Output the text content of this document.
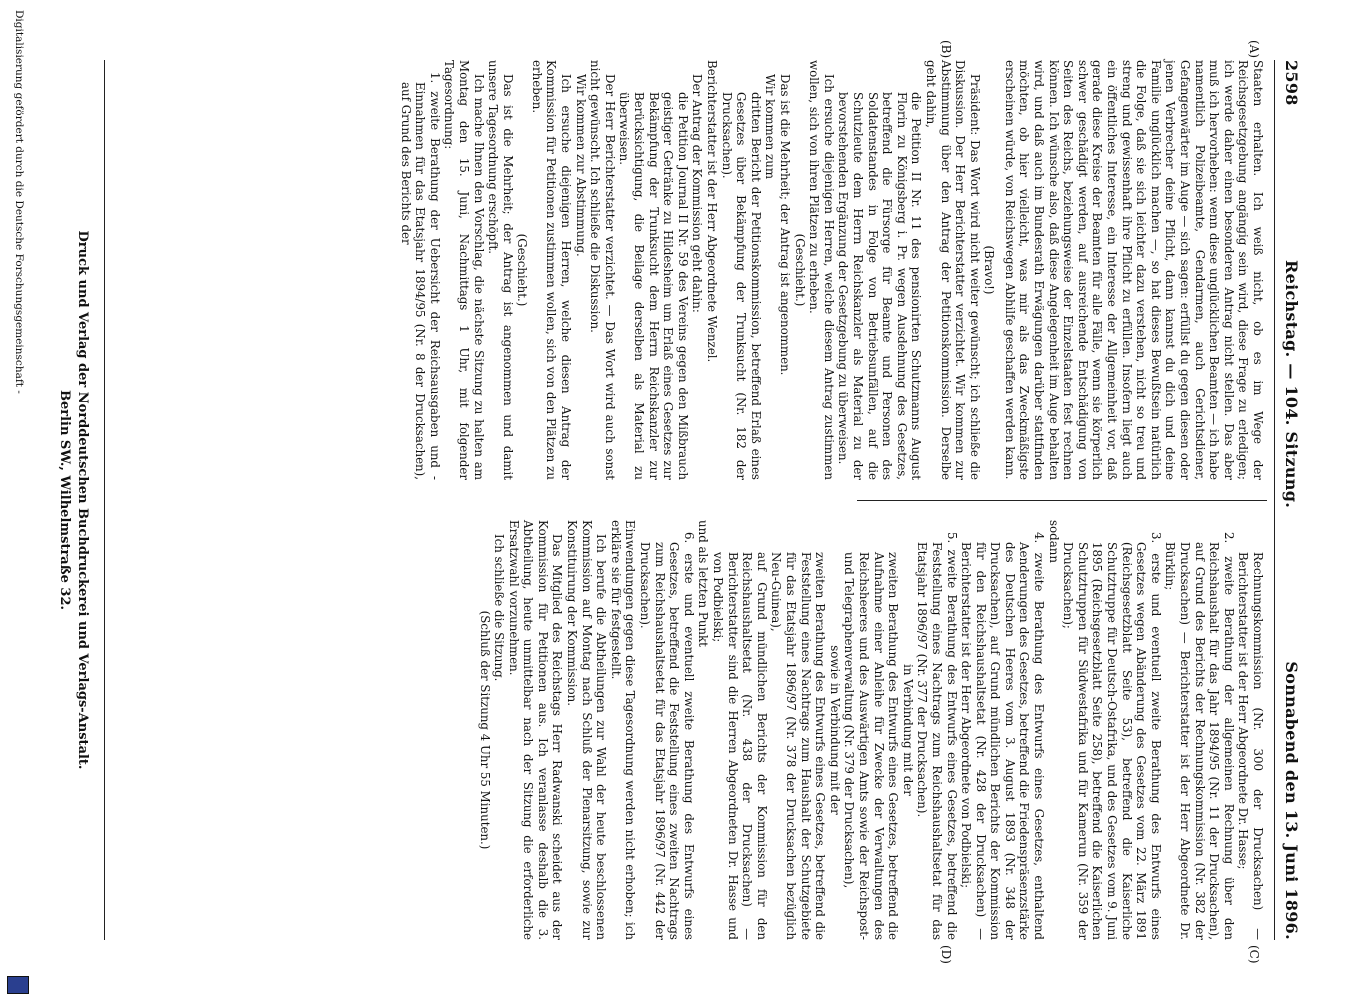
2598
Reichstag. — 104. Sitzung.
Sonnabend den 13. Juni 1896.
(A)
(B)
(C)
(D)

Staaten erhalten. Ich weiß nicht, ob es im Wege der Reichsgesetzgebung angängig sein wird, diese Frage zu erledigen; ich werde daher einen besonderen Antrag nicht stellen. Das aber muß ich hervorheben: wenn diese unglücklichen Beamten — ich habe namentlich Polizeibeamte, Gendarmen, auch Gerichtsdiener, Gefangenwärter im Auge — sich sagen: erfüllst du gegen diesen oder jenen Verbrecher deine Pflicht, dann kannst du dich und deine Familie unglücklich machen —, so hat dieses Bewußtsein natürlich die Folge, daß sie sich leichter dazu verstehen, nicht so treu und streng und gewissenhaft ihre Pflicht zu erfüllen. Insofern liegt auch ein öffentliches Interesse, ein Interesse der Allgemeinheit vor, daß gerade diese Kreise der Beamten für alle Fälle, wenn sie körperlich schwer geschädigt werden, auf ausreichende Entschädigung von Seiten des Reichs, beziehungsweise der Einzelstaaten fest rechnen können. Ich wünsche also, daß diese Angelegenheit im Auge behalten wird, und daß auch im Bundesrath Erwägungen darüber stattfinden möchten, ob hier vielleicht, was mir als das Zweckmäßigste erscheinen würde, von Reichswegen Abhilfe geschaffen werden kann.

(Bravo!)

Präsident: Das Wort wird nicht weiter gewünscht; ich schließe die Diskussion. Der Herr Berichterstatter verzichtet. Wir kommen zur Abstimmung über den Antrag der Petitionskommission. Derselbe geht dahin,

die Petition II Nr. 11 des pensionirten Schutzmanns August Florin zu Königsberg i. Pr. wegen Ausdehnung des Gesetzes, betreffend die Fürsorge für Beamte und Personen des Soldatenstandes in Folge von Betriebsunfällen, auf die Schutzleute dem Herrn Reichskanzler als Material zu der bevorstehenden Ergänzung der Gesetzgebung zu überweisen.

Ich ersuche diejenigen Herren, welche diesem Antrag zustimmen wollen, sich von ihren Plätzen zu erheben.

(Geschieht.)

Das ist die Mehrheit; der Antrag ist angenommen.

Wir kommen zum

dritten Bericht der Petitionskommission, betreffend Erlaß eines Gesetzes über Bekämpfung der Trunksucht (Nr. 182 der Drucksachen).

Berichterstatter ist der Herr Abgeordnete Wenzel.

Der Antrag der Kommission geht dahin:

die Petition Journal II Nr. 59 des Vereins gegen den Mißbrauch geistiger Getränke zu Hildesheim um Erlaß eines Gesetzes zur Bekämpfung der Trunksucht dem Herrn Reichskanzler zur Berücksichtigung, die Beilage derselben als Material zu überweisen.

Der Herr Berichterstatter verzichtet. — Das Wort wird auch sonst nicht gewünscht. Ich schließe die Diskussion.

Wir kommen zur Abstimmung.

Ich ersuche diejenigen Herren, welche diesen Antrag der Kommission für Petitionen zustimmen wollen, sich von den Plätzen zu erheben.

(Geschieht.)

Das ist die Mehrheit; der Antrag ist angenommen und damit unsere Tagesordnung erschöpft.

Ich mache Ihnen den Vorschlag, die nächste Sitzung zu halten am Montag den 15. Juni, Nachmittags 1 Uhr, mit folgender Tagesordnung:

1. zweite Berathung der Uebersicht der Reichsausgaben und -Einnahmen für das Etatsjahr 1894/95 (Nr. 8 der Drucksachen), auf Grund des Berichts der

Rechnungskommission (Nr. 300 der Drucksachen) — Berichterstatter ist der Herr Abgeordnete Dr. Hasse;

2. zweite Berathung der allgemeinen Rechnung über den Reichshaushalt für das Jahr 1894/95 (Nr. 11 der Drucksachen), auf Grund des Berichts der Rechnungskommission (Nr. 382 der Drucksachen) — Berichterstatter ist der Herr Abgeordnete Dr. Bürklin;

3. erste und eventuell zweite Berathung des Entwurfs eines Gesetzes wegen Abänderung des Gesetzes vom 22. März 1891 (Reichsgesetzblatt Seite 53), betreffend die Kaiserliche Schutztruppe für Deutsch-Ostafrika, und des Gesetzes vom 9. Juni 1895 (Reichsgesetzblatt Seite 258), betreffend die Kaiserlichen Schutztruppen für Südwestafrika und für Kamerun (Nr. 359 der Drucksachen);

sodann

4. zweite Berathung des Entwurfs eines Gesetzes, enthaltend Aenderungen des Gesetzes, betreffend die Friedenspräsenzstärke des Deutschen Heeres vom 3. August 1893 (Nr. 348 der Drucksachen), auf Grund mündlichen Berichts der Kommission für den Reichshaushaltsetat (Nr. 428 der Drucksachen) — Berichterstatter ist der Herr Abgeordnete von Podbielski;

5. zweite Berathung des Entwurfs eines Gesetzes, betreffend die Feststellung eines Nachtrags zum Reichshaushaltsetat für das Etatsjahr 1896/97 (Nr. 377 der Drucksachen).

in Verbindung mit der

zweiten Berathung des Entwurfs eines Gesetzes, betreffend die Aufnahme einer Anleihe für Zwecke der Verwaltungen des Reichsheeres und des Auswärtigen Amts sowie der Reichspost- und Telegraphenverwaltung (Nr. 379 der Drucksachen),

sowie in Verbindung mit der

zweiten Berathung des Entwurfs eines Gesetzes, betreffend die Feststellung eines Nachtrags zum Haushalt der Schutzgebiete für das Etatsjahr 1896/97 (Nr. 378 der Drucksachen bezüglich Neu-Guinea),

auf Grund mündlichen Berichts der Kommission für den Reichshaushaltsetat (Nr. 438 der Drucksachen) — Berichterstatter sind die Herren Abgeordneten Dr. Hasse und von Podbielski;

und als letzten Punkt

6. erste und eventuell zweite Berathung des Entwurfs eines Gesetzes, betreffend die Feststellung eines zweiten Nachtrags zum Reichshaushaltsetat für das Etatsjahr 1896/97 (Nr. 442 der Drucksachen).

Einwendungen gegen diese Tagesordnung werden nicht erhoben; ich erkläre sie für festgestellt.

Ich berufe die Abtheilungen zur Wahl der heute beschlossenen Kommission auf Montag nach Schluß der Plenarsitzung, sowie zur Konstituirung der Kommission.

Das Mitglied des Reichstags Herr Radwanski scheidet aus der Kommission für Petitionen aus. Ich veranlasse deshalb die 3. Abtheilung, heute unmittelbar nach der Sitzung die erforderliche Ersatzwahl vorzunehmen.

Ich schließe die Sitzung.

(Schluß der Sitzung 4 Uhr 55 Minuten.)

Druck und Verlag der Norddeutschen Buchdruckerei und Verlags-Anstalt.
Berlin SW., Wilhelmstraße 32.
Digitalisierung gefördert durch die Deutsche Forschungsgemeinschaft -
